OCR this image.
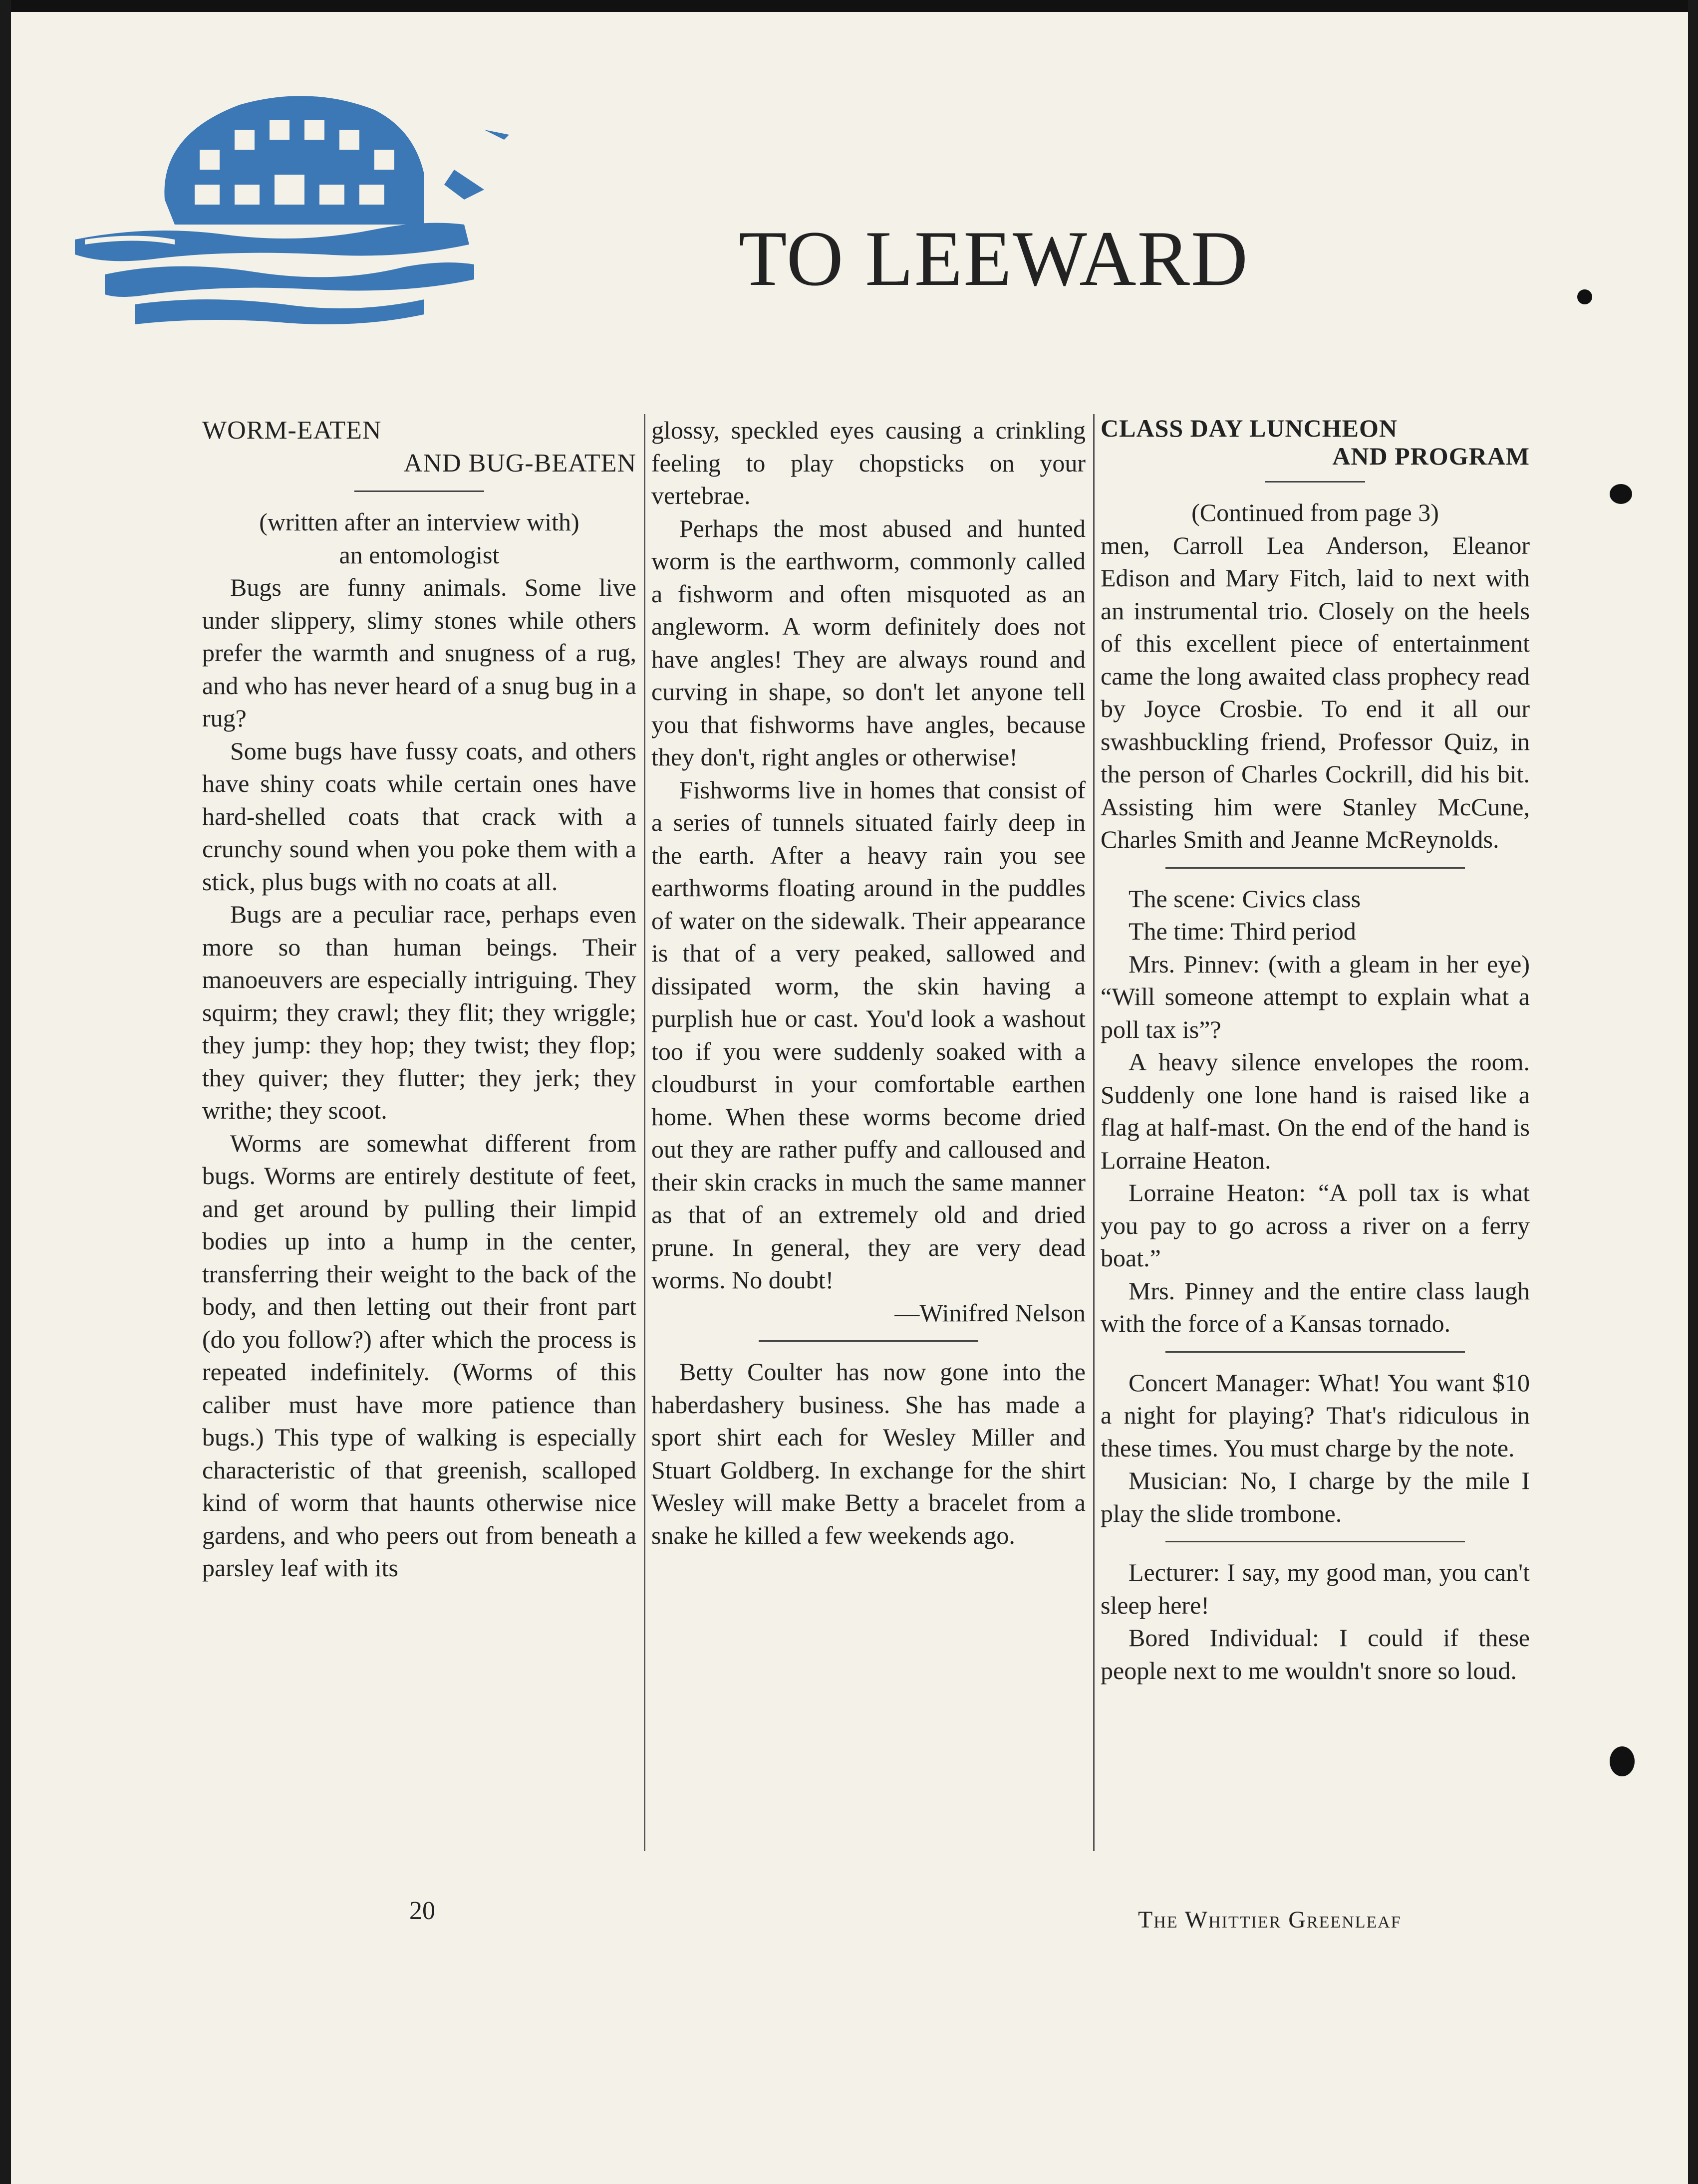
TO LEEWARD
WORM-EATEN
AND BUG-BEATEN

(written after an interview with)

an entomologist

Bugs are funny animals. Some live under slippery, slimy stones while others prefer the warmth and snugness of a rug, and who has never heard of a snug bug in a rug?

Some bugs have fussy coats, and others have shiny coats while certain ones have hard-shelled coats that crack with a crunchy sound when you poke them with a stick, plus bugs with no coats at all.

Bugs are a peculiar race, perhaps even more so than human beings. Their manoeuvers are especially intriguing. They squirm; they crawl; they flit; they wriggle; they jump: they hop; they twist; they flop; they quiver; they flutter; they jerk; they writhe; they scoot.

Worms are somewhat different from bugs. Worms are entirely destitute of feet, and get around by pulling their limpid bodies up into a hump in the center, transferring their weight to the back of the body, and then letting out their front part (do you follow?) after which the process is repeated indefinitely. (Worms of this caliber must have more patience than bugs.) This type of walking is especially characteristic of that greenish, scalloped kind of worm that haunts otherwise nice gardens, and who peers out from beneath a parsley leaf with its

glossy, speckled eyes causing a crinkling feeling to play chopsticks on your vertebrae.

Perhaps the most abused and hunted worm is the earthworm, commonly called a fishworm and often misquoted as an angleworm. A worm definitely does not have angles! They are always round and curving in shape, so don't let anyone tell you that fishworms have angles, because they don't, right angles or otherwise!

Fishworms live in homes that consist of a series of tunnels situated fairly deep in the earth. After a heavy rain you see earthworms floating around in the puddles of water on the sidewalk. Their appearance is that of a very peaked, sallowed and dissipated worm, the skin having a purplish hue or cast. You'd look a washout too if you were suddenly soaked with a cloudburst in your comfortable earthen home. When these worms become dried out they are rather puffy and calloused and their skin cracks in much the same manner as that of an extremely old and dried prune. In general, they are very dead worms. No doubt!

—Winifred Nelson

Betty Coulter has now gone into the haberdashery business. She has made a sport shirt each for Wesley Miller and Stuart Goldberg. In exchange for the shirt Wesley will make Betty a bracelet from a snake he killed a few weekends ago.

CLASS DAY LUNCHEON
AND PROGRAM

(Continued from page 3)

men, Carroll Lea Anderson, Eleanor Edison and Mary Fitch, laid to next with an instrumental trio. Closely on the heels of this excellent piece of entertainment came the long awaited class prophecy read by Joyce Crosbie. To end it all our swashbuckling friend, Professor Quiz, in the person of Charles Cockrill, did his bit. Assisting him were Stanley McCune, Charles Smith and Jeanne McReynolds.

The scene: Civics class

The time: Third period

Mrs. Pinnev: (with a gleam in her eye) “Will someone attempt to explain what a poll tax is”?

A heavy silence envelopes the room. Suddenly one lone hand is raised like a flag at half-mast. On the end of the hand is Lorraine Heaton.

Lorraine Heaton: “A poll tax is what you pay to go across a river on a ferry boat.”

Mrs. Pinney and the entire class laugh with the force of a Kansas tornado.

Concert Manager: What! You want $10 a night for playing? That's ridiculous in these times. You must charge by the note.

Musician: No, I charge by the mile I play the slide trombone.

Lecturer: I say, my good man, you can't sleep here!

Bored Individual: I could if these people next to me wouldn't snore so loud.

20	The Whittier Greenleaf
